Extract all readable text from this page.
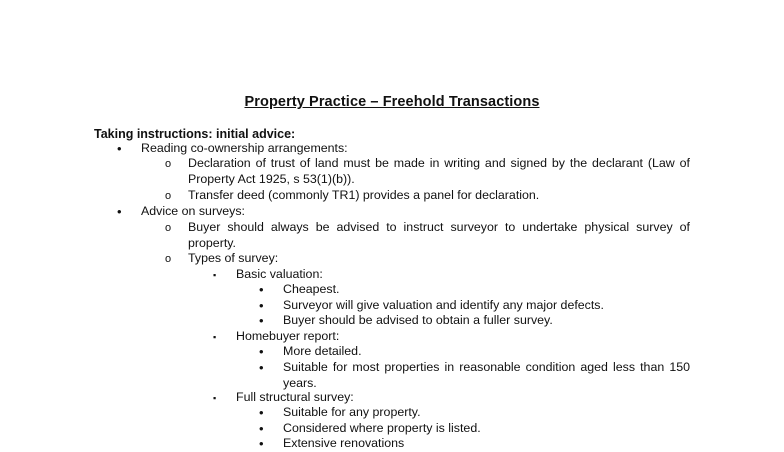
Property Practice – Freehold Transactions
Taking instructions: initial advice:
• Reading co-ownership arrangements:
o Declaration of trust of land must be made in writing and signed by the declarant (Law of Property Act 1925, s 53(1)(b)).
o Transfer deed (commonly TR1) provides a panel for declaration.
• Advice on surveys:
o Buyer should always be advised to instruct surveyor to undertake physical survey of property.
o Types of survey:
▪ Basic valuation:
• Cheapest.
• Surveyor will give valuation and identify any major defects.
• Buyer should be advised to obtain a fuller survey.
▪ Homebuyer report:
• More detailed.
• Suitable for most properties in reasonable condition aged less than 150 years.
▪ Full structural survey:
• Suitable for any property.
• Considered where property is listed.
• Extensive renovations
